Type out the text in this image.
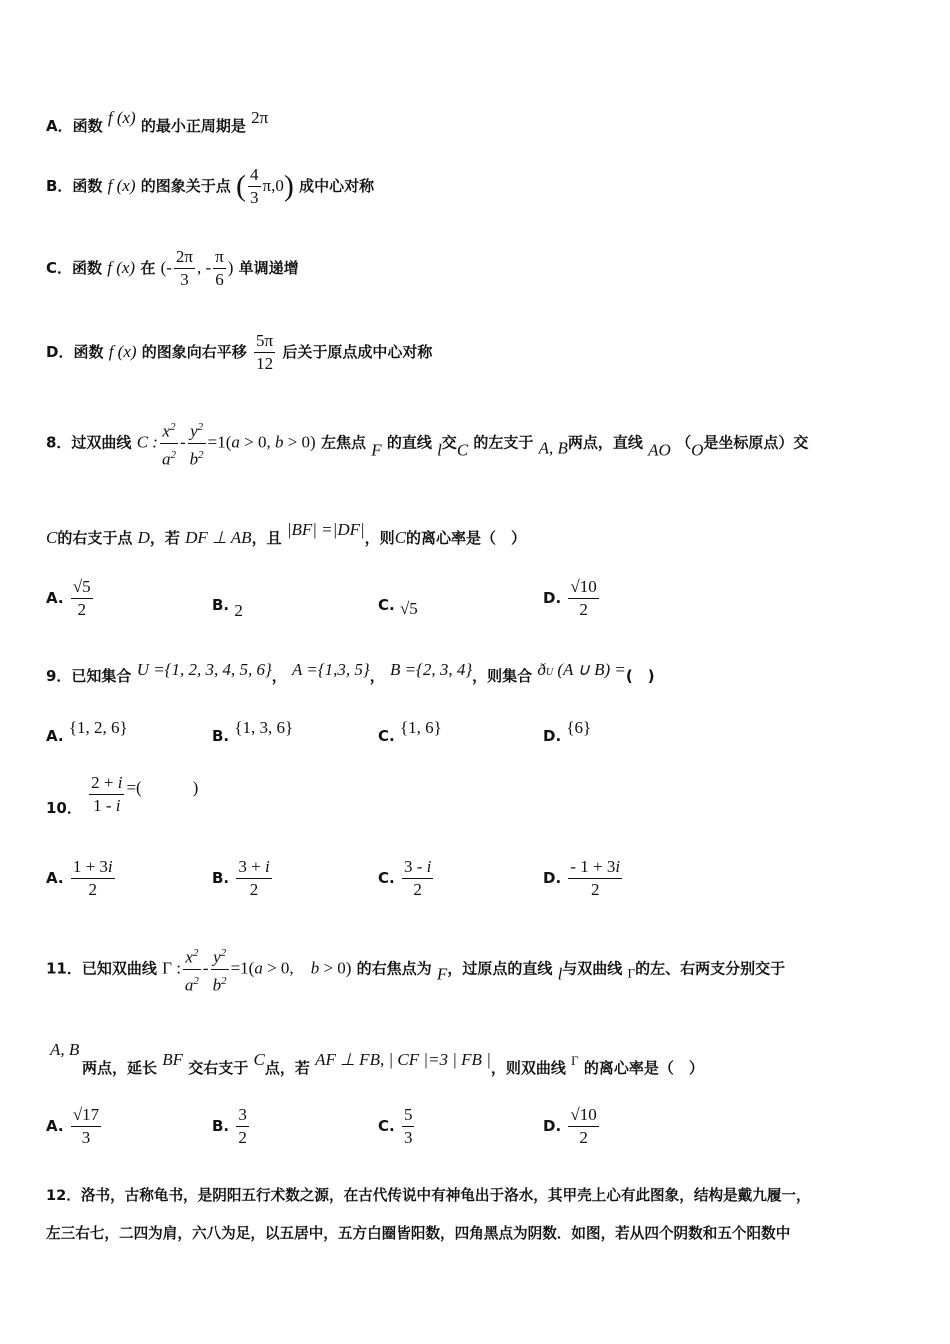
A．函数 f (x) 的最小正周期是 2π
B．函数 f (x) 的图象关于点 ( $\frac{4}{3} \pi,0$) 成中心对称
C．函数 f (x) 在 (- $\frac{2\pi}{3}$ , - $\frac{\pi}{6}$ ) 单调递增
D．函数 f (x) 的图象向右平移 $\frac{5\pi}{12}$ 后关于原点成中心对称
8．过双曲线 C : $\frac{x^2}{a^2} - \frac{y^2}{b^2} =1(a > 0$, b > 0) 左焦点 F 的直线 l交C 的左支于 A, B两点，直线 AO （O是坐标原点）交
C的右支于点 D，若 DF ⊥ AB，且 |BF| =|DF|，则C的离心率是（　）
A. $\frac{√5}{2}$	B. 2	C. √5
D. $\frac{√10}{2}$
9．已知集合 U ={1, 2, 3, 4, 5, 6}， A ={1,3, 5}， B ={2, 3, 4}，则集合 ðU (A ∪ B) =(　)
A. {1, 2, 6}	B. {1, 3, 6}	C. {1, 6}	D. {6}
10． $\frac{2 + i}{1 - i}$ =(　　　)
A. $\frac{1 + 3i}{2}$	B. $\frac{3 + i}{2}$	C. $\frac{3 - i}{2}$	D. $\frac{- 1 + 3i}{2}$
11．已知双曲线 Γ : $\frac{x^2}{a^2} - \frac{y^2}{b^2} =1(a > 0$,　b > 0) 的右焦点为 F，过原点的直线 l与双曲线 Γ的左、右两支分别交于
A, B

两点，延长 BF 交右支于 C点，若 AF ⊥ FB, | CF |=3 | FB |，则双曲线 Γ 的离心率是（　）
A. $\frac{√17}{3}$	B. $\frac{3}{2}$	C. $\frac{5}{3}$	D. $\frac{√10}{2}$
12．洛书，古称龟书，是阴阳五行术数之源，在古代传说中有神龟出于洛水，其甲壳上心有此图象，结构是戴九履一，
左三右七，二四为肩，六八为足，以五居中，五方白圈皆阳数，四角黑点为阴数．如图，若从四个阴数和五个阳数中
